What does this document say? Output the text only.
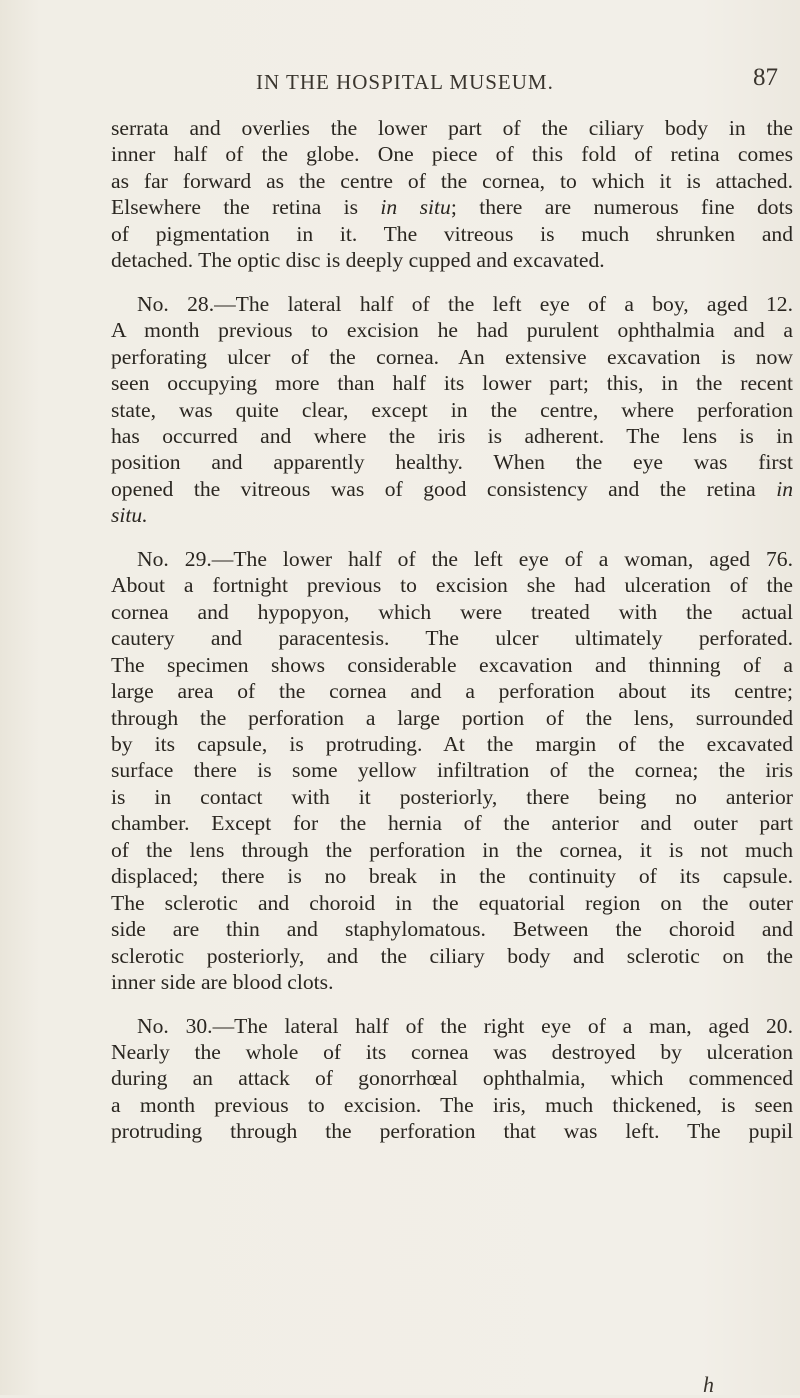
IN THE HOSPITAL MUSEUM.	87
serrata and overlies the lower part of the ciliary body in the
inner half of the globe. One piece of this fold of retina comes
as far forward as the centre of the cornea, to which it is attached.
Elsewhere the retina is in situ; there are numerous fine dots
of pigmentation in it. The vitreous is much shrunken and
detached. The optic disc is deeply cupped and excavated.
No. 28.—The lateral half of the left eye of a boy, aged 12.
A month previous to excision he had purulent ophthalmia and a
perforating ulcer of the cornea. An extensive excavation is now
seen occupying more than half its lower part; this, in the recent
state, was quite clear, except in the centre, where perforation
has occurred and where the iris is adherent. The lens is in
position and apparently healthy. When the eye was first
opened the vitreous was of good consistency and the retina in
situ.
No. 29.—The lower half of the left eye of a woman, aged 76.
About a fortnight previous to excision she had ulceration of the
cornea and hypopyon, which were treated with the actual
cautery and paracentesis. The ulcer ultimately perforated.
The specimen shows considerable excavation and thinning of a
large area of the cornea and a perforation about its centre;
through the perforation a large portion of the lens, surrounded
by its capsule, is protruding. At the margin of the excavated
surface there is some yellow infiltration of the cornea; the iris
is in contact with it posteriorly, there being no anterior
chamber. Except for the hernia of the anterior and outer part
of the lens through the perforation in the cornea, it is not much
displaced; there is no break in the continuity of its capsule.
The sclerotic and choroid in the equatorial region on the outer
side are thin and staphylomatous. Between the choroid and
sclerotic posteriorly, and the ciliary body and sclerotic on the
inner side are blood clots.
No. 30.—The lateral half of the right eye of a man, aged 20.
Nearly the whole of its cornea was destroyed by ulceration
during an attack of gonorrhœal ophthalmia, which commenced
a month previous to excision. The iris, much thickened, is seen
protruding through the perforation that was left. The pupil
h
